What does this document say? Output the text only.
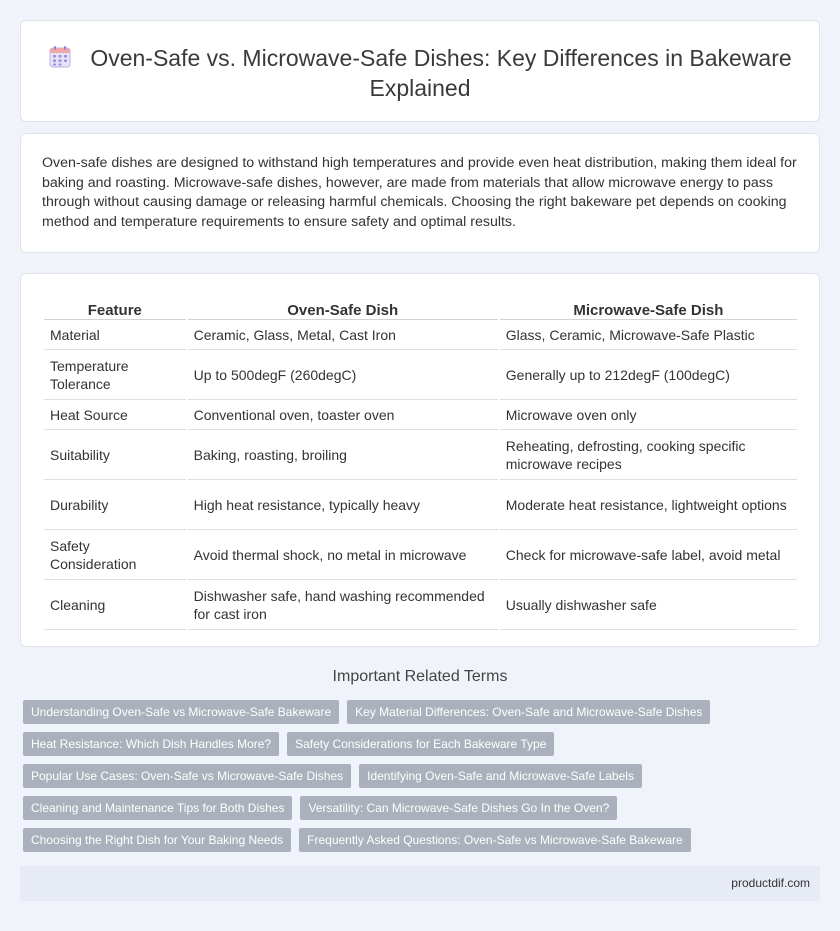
Oven-Safe vs. Microwave-Safe Dishes: Key Differences in Bakeware Explained

Oven-safe dishes are designed to withstand high temperatures and provide even heat distribution, making them ideal for baking and roasting. Microwave-safe dishes, however, are made from materials that allow microwave energy to pass through without causing damage or releasing harmful chemicals. Choosing the right bakeware pet depends on cooking method and temperature requirements to ensure safety and optimal results.

Feature	Oven-Safe Dish	Microwave-Safe Dish
Material	Ceramic, Glass, Metal, Cast Iron	Glass, Ceramic, Microwave-Safe Plastic
Temperature Tolerance	Up to 500degF (260degC)	Generally up to 212degF (100degC)
Heat Source	Conventional oven, toaster oven	Microwave oven only
Suitability	Baking, roasting, broiling	Reheating, defrosting, cooking specific microwave recipes
Durability	High heat resistance, typically heavy	Moderate heat resistance, lightweight options
Safety Consideration	Avoid thermal shock, no metal in microwave	Check for microwave-safe label, avoid metal
Cleaning	Dishwasher safe, hand washing recommended for cast iron	Usually dishwasher safe
Important Related Terms
Understanding Oven-Safe vs Microwave-Safe Bakeware	Key Material Differences: Oven-Safe and Microwave-Safe Dishes
Heat Resistance: Which Dish Handles More?	Safety Considerations for Each Bakeware Type
Popular Use Cases: Oven-Safe vs Microwave-Safe Dishes	Identifying Oven-Safe and Microwave-Safe Labels
Cleaning and Maintenance Tips for Both Dishes	Versatility: Can Microwave-Safe Dishes Go In the Oven?
Choosing the Right Dish for Your Baking Needs	Frequently Asked Questions: Oven-Safe vs Microwave-Safe Bakeware
productdif.com
